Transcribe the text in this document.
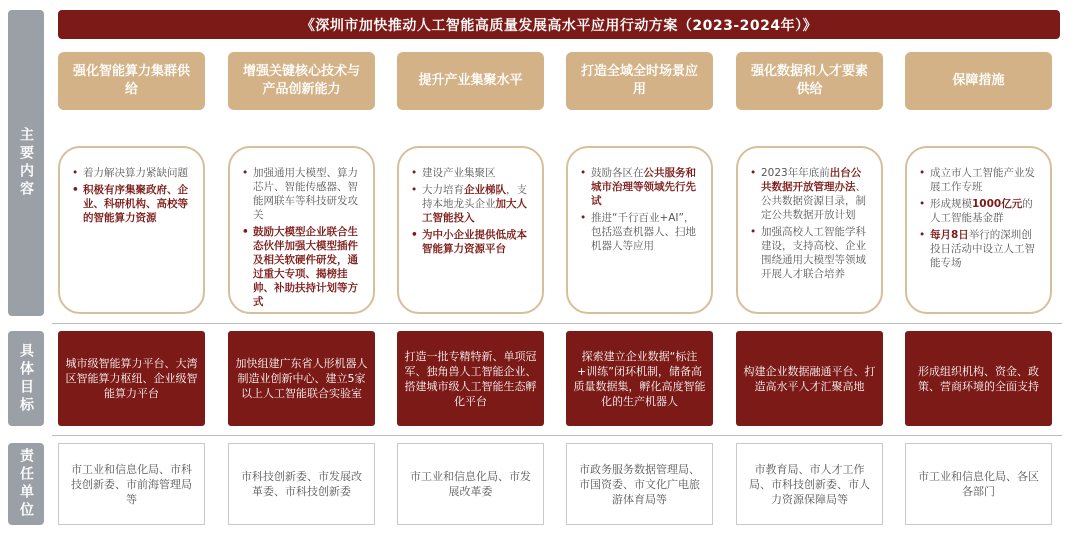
《深圳市加快推动人工智能高质量发展高水平应用行动方案（2023-2024年）》
主要内容
具体目标
责任单位
强化智能算力集群供给
• 着力解决算力紧缺问题
• 积极有序集聚政府、企业、科研机构、高校等的智能算力资源
城市级智能算力平台、大湾区智能算力枢纽、企业级智能算力平台
市工业和信息化局、市科技创新委、市前海管理局等
增强关键核心技术与产品创新能力
• 加强通用大模型、算力芯片、智能传感器、智能网联车等科技研发攻关
• 鼓励大模型企业联合生态伙伴加强大模型插件及相关软硬件研发，通过重大专项、揭榜挂帅、补助扶持计划等方式
加快组建广东省人形机器人制造业创新中心、建立5家以上人工智能联合实验室
市科技创新委、市发展改革委、市科技创新委
提升产业集聚水平
• 建设产业集聚区
• 大力培育企业梯队，支持本地龙头企业加大人工智能投入
• 为中小企业提供低成本智能算力资源平台
打造一批专精特新、单项冠军、独角兽人工智能企业、搭建城市级人工智能生态孵化平台
市工业和信息化局、市发展改革委
打造全域全时场景应用
• 鼓励各区在公共服务和城市治理等领域先行先试
• 推进“千行百业+AI”，包括巡查机器人、扫地机器人等应用
探索建立企业数据“标注+训练”闭环机制，储备高质量数据集，孵化高度智能化的生产机器人
市政务服务数据管理局、市国资委、市文化广电旅游体育局等
强化数据和人才要素供给
• 2023年年底前出台公共数据开放管理办法、公共数据资源目录，制定公共数据开放计划
• 加强高校人工智能学科建设，支持高校、企业围绕通用大模型等领域开展人才联合培养
构建企业数据融通平台、打造高水平人才汇聚高地
市教育局、市人才工作局、市科技创新委、市人力资源保障局等
保障措施
• 成立市人工智能产业发展工作专班
• 形成规模1000亿元的人工智能基金群
• 每月8日举行的深圳创投日活动中设立人工智能专场
形成组织机构、资金、政策、营商环境的全面支持
市工业和信息化局、各区各部门
